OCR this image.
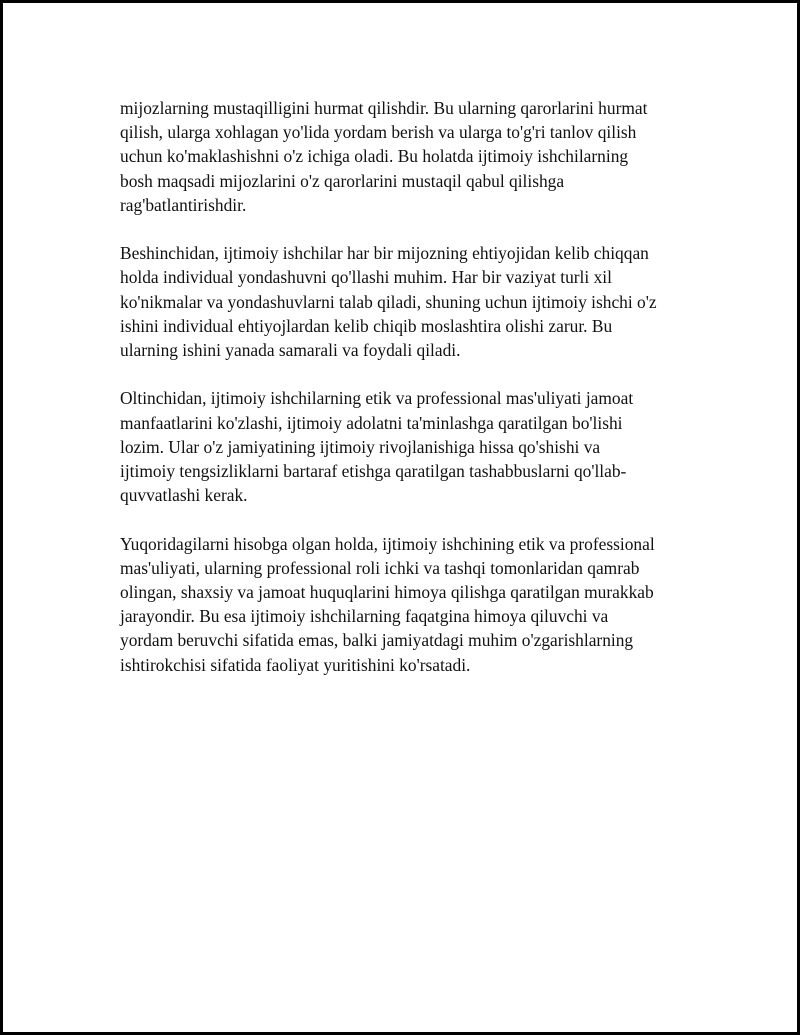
mijozlarning mustaqilligini hurmat qilishdir. Bu ularning qarorlarini hurmat
qilish, ularga xohlagan yo'lida yordam berish va ularga to'g'ri tanlov qilish
uchun ko'maklashishni o'z ichiga oladi. Bu holatda ijtimoiy ishchilarning
bosh maqsadi mijozlarini o'z qarorlarini mustaqil qabul qilishga
rag'batlantirishdir.

Beshinchidan, ijtimoiy ishchilar har bir mijozning ehtiyojidan kelib chiqqan
holda individual yondashuvni qo'llashi muhim. Har bir vaziyat turli xil
ko'nikmalar va yondashuvlarni talab qiladi, shuning uchun ijtimoiy ishchi o'z
ishini individual ehtiyojlardan kelib chiqib moslashtira olishi zarur. Bu
ularning ishini yanada samarali va foydali qiladi.

Oltinchidan, ijtimoiy ishchilarning etik va professional mas'uliyati jamoat
manfaatlarini ko'zlashi, ijtimoiy adolatni ta'minlashga qaratilgan bo'lishi
lozim. Ular o'z jamiyatining ijtimoiy rivojlanishiga hissa qo'shishi va
ijtimoiy tengsizliklarni bartaraf etishga qaratilgan tashabbuslarni qo'llab-
quvvatlashi kerak.

Yuqoridagilarni hisobga olgan holda, ijtimoiy ishchining etik va professional
mas'uliyati, ularning professional roli ichki va tashqi tomonlaridan qamrab
olingan, shaxsiy va jamoat huquqlarini himoya qilishga qaratilgan murakkab
jarayondir. Bu esa ijtimoiy ishchilarning faqatgina himoya qiluvchi va
yordam beruvchi sifatida emas, balki jamiyatdagi muhim o'zgarishlarning
ishtirokchisi sifatida faoliyat yuritishini ko'rsatadi.
